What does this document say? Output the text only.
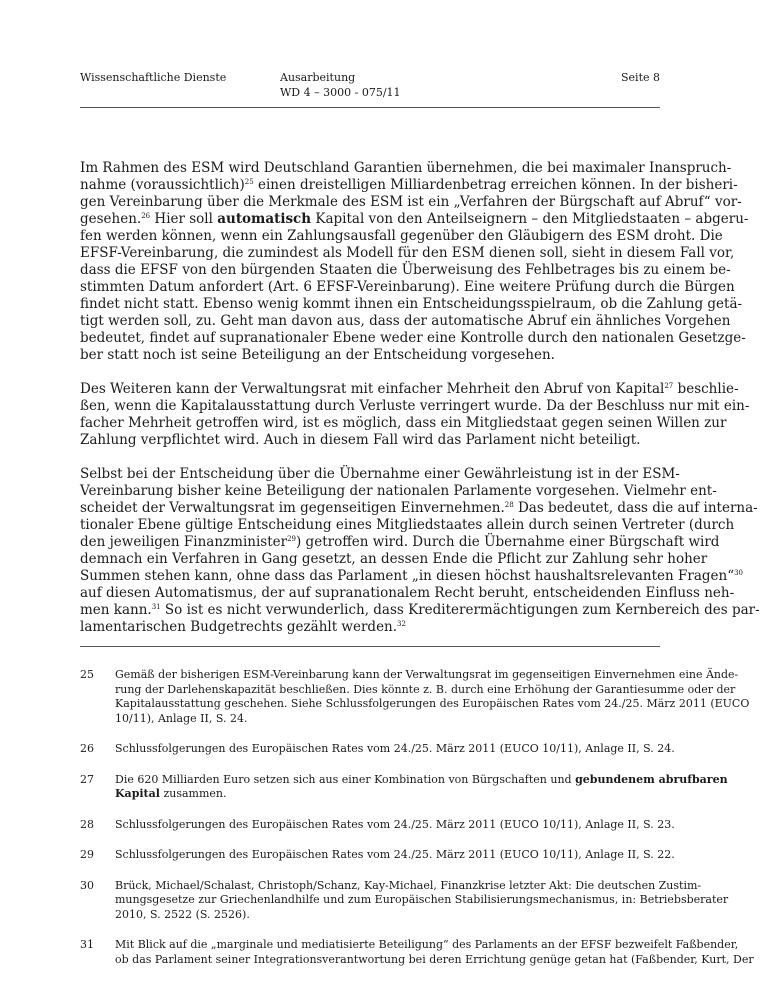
Wissenschaftliche Dienste	Ausarbeitung
WD 4 – 3000 - 075/11
Seite 8
Im Rahmen des ESM wird Deutschland Garantien übernehmen, die bei maximaler Inanspruch-
nahme (voraussichtlich)$^{25}$ einen dreistelligen Milliardenbetrag erreichen können. In der bisheri-
gen Vereinbarung über die Merkmale des ESM ist ein „Verfahren der Bürgschaft auf Abruf“ vor-
gesehen.$^{26}$ Hier soll automatisch Kapital von den Anteilseignern – den Mitgliedstaaten – abgeru-
fen werden können, wenn ein Zahlungsausfall gegenüber den Gläubigern des ESM droht. Die
EFSF-Vereinbarung, die zumindest als Modell für den ESM dienen soll, sieht in diesem Fall vor,
dass die EFSF von den bürgenden Staaten die Überweisung des Fehlbetrages bis zu einem be-
stimmten Datum anfordert (Art. 6 EFSF-Vereinbarung). Eine weitere Prüfung durch die Bürgen
findet nicht statt. Ebenso wenig kommt ihnen ein Entscheidungsspielraum, ob die Zahlung getä-
tigt werden soll, zu. Geht man davon aus, dass der automatische Abruf ein ähnliches Vorgehen
bedeutet, findet auf supranationaler Ebene weder eine Kontrolle durch den nationalen Gesetzge-
ber statt noch ist seine Beteiligung an der Entscheidung vorgesehen.
Des Weiteren kann der Verwaltungsrat mit einfacher Mehrheit den Abruf von Kapital$^{27}$ beschlie-
ßen, wenn die Kapitalausstattung durch Verluste verringert wurde. Da der Beschluss nur mit ein-
facher Mehrheit getroffen wird, ist es möglich, dass ein Mitgliedstaat gegen seinen Willen zur
Zahlung verpflichtet wird. Auch in diesem Fall wird das Parlament nicht beteiligt.
Selbst bei der Entscheidung über die Übernahme einer Gewährleistung ist in der ESM-
Vereinbarung bisher keine Beteiligung der nationalen Parlamente vorgesehen. Vielmehr ent-
scheidet der Verwaltungsrat im gegenseitigen Einvernehmen.$^{28}$ Das bedeutet, dass die auf interna-
tionaler Ebene gültige Entscheidung eines Mitgliedstaates allein durch seinen Vertreter (durch
den jeweiligen Finanzminister$^{29}$) getroffen wird. Durch die Übernahme einer Bürgschaft wird
demnach ein Verfahren in Gang gesetzt, an dessen Ende die Pflicht zur Zahlung sehr hoher
Summen stehen kann, ohne dass das Parlament „in diesen höchst haushaltsrelevanten Fragen“$^{30}$
auf diesen Automatismus, der auf supranationalem Recht beruht, entscheidenden Einfluss neh-
men kann.$^{31}$ So ist es nicht verwunderlich, dass Krediterermächtigungen zum Kernbereich des par-
lamentarischen Budgetrechts gezählt werden.$^{32}$
25 Gemäß der bisherigen ESM-Vereinbarung kann der Verwaltungsrat im gegenseitigen Einvernehmen eine Ände-
rung der Darlehenskapazität beschließen. Dies könnte z. B. durch eine Erhöhung der Garantiesumme oder der
Kapitalausstattung geschehen. Siehe Schlussfolgerungen des Europäischen Rates vom 24./25. März 2011 (EUCO
10/11), Anlage II, S. 24.
26 Schlussfolgerungen des Europäischen Rates vom 24./25. März 2011 (EUCO 10/11), Anlage II, S. 24.
27 Die 620 Milliarden Euro setzen sich aus einer Kombination von Bürgschaften und gebundenem abrufbaren
Kapital zusammen.
28 Schlussfolgerungen des Europäischen Rates vom 24./25. März 2011 (EUCO 10/11), Anlage II, S. 23.
29 Schlussfolgerungen des Europäischen Rates vom 24./25. März 2011 (EUCO 10/11), Anlage II, S. 22.
30 Brück, Michael/Schalast, Christoph/Schanz, Kay-Michael, Finanzkrise letzter Akt: Die deutschen Zustim-
mungsgesetze zur Griechenlandhilfe und zum Europäischen Stabilisierungsmechanismus, in: Betriebsberater
2010, S. 2522 (S. 2526).
31 Mit Blick auf die „marginale und mediatisierte Beteiligung“ des Parlaments an der EFSF bezweifelt Faßbender,
ob das Parlament seiner Integrationsverantwortung bei deren Errichtung genüge getan hat (Faßbender, Kurt, Der
